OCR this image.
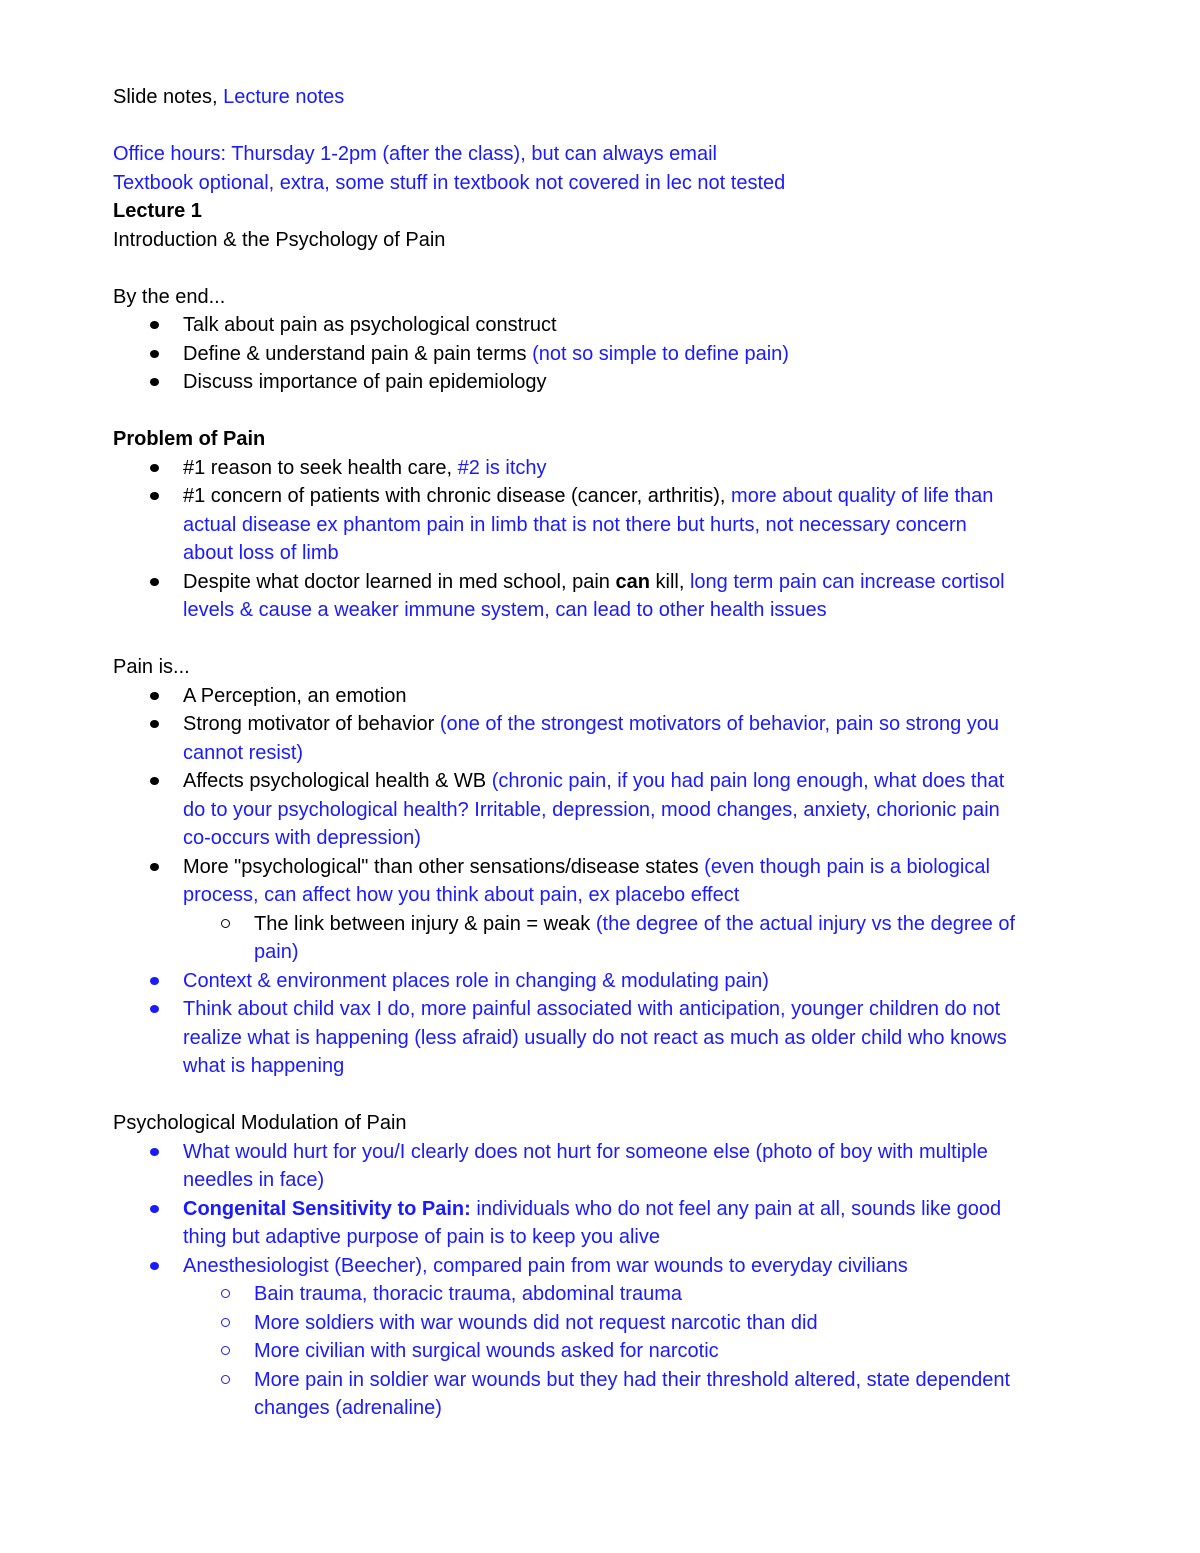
Slide notes, Lecture notes

Office hours: Thursday 1-2pm (after the class), but can always email

Textbook optional, extra, some stuff in textbook not covered in lec not tested

Lecture 1

Introduction & the Psychology of Pain

By the end...

Talk about pain as psychological construct
Define & understand pain & pain terms (not so simple to define pain)
Discuss importance of pain epidemiology

Problem of Pain

#1 reason to seek health care, #2 is itchy
#1 concern of patients with chronic disease (cancer, arthritis), more about quality of life than
actual disease ex phantom pain in limb that is not there but hurts, not necessary concern
about loss of limb
Despite what doctor learned in med school, pain can kill, long term pain can increase cortisol
levels & cause a weaker immune system, can lead to other health issues

Pain is...

A Perception, an emotion
Strong motivator of behavior (one of the strongest motivators of behavior, pain so strong you
cannot resist)
Affects psychological health & WB (chronic pain, if you had pain long enough, what does that
do to your psychological health? Irritable, depression, mood changes, anxiety, chorionic pain
co-occurs with depression)
More "psychological" than other sensations/disease states (even though pain is a biological
process, can affect how you think about pain, ex placebo effect
The link between injury & pain = weak (the degree of the actual injury vs the degree of
pain)
Context & environment places role in changing & modulating pain)
Think about child vax I do, more painful associated with anticipation, younger children do not
realize what is happening (less afraid) usually do not react as much as older child who knows
what is happening

Psychological Modulation of Pain

What would hurt for you/I clearly does not hurt for someone else (photo of boy with multiple
needles in face)
Congenital Sensitivity to Pain: individuals who do not feel any pain at all, sounds like good
thing but adaptive purpose of pain is to keep you alive
Anesthesiologist (Beecher), compared pain from war wounds to everyday civilians
Bain trauma, thoracic trauma, abdominal trauma
More soldiers with war wounds did not request narcotic than did
More civilian with surgical wounds asked for narcotic
More pain in soldier war wounds but they had their threshold altered, state dependent
changes (adrenaline)
